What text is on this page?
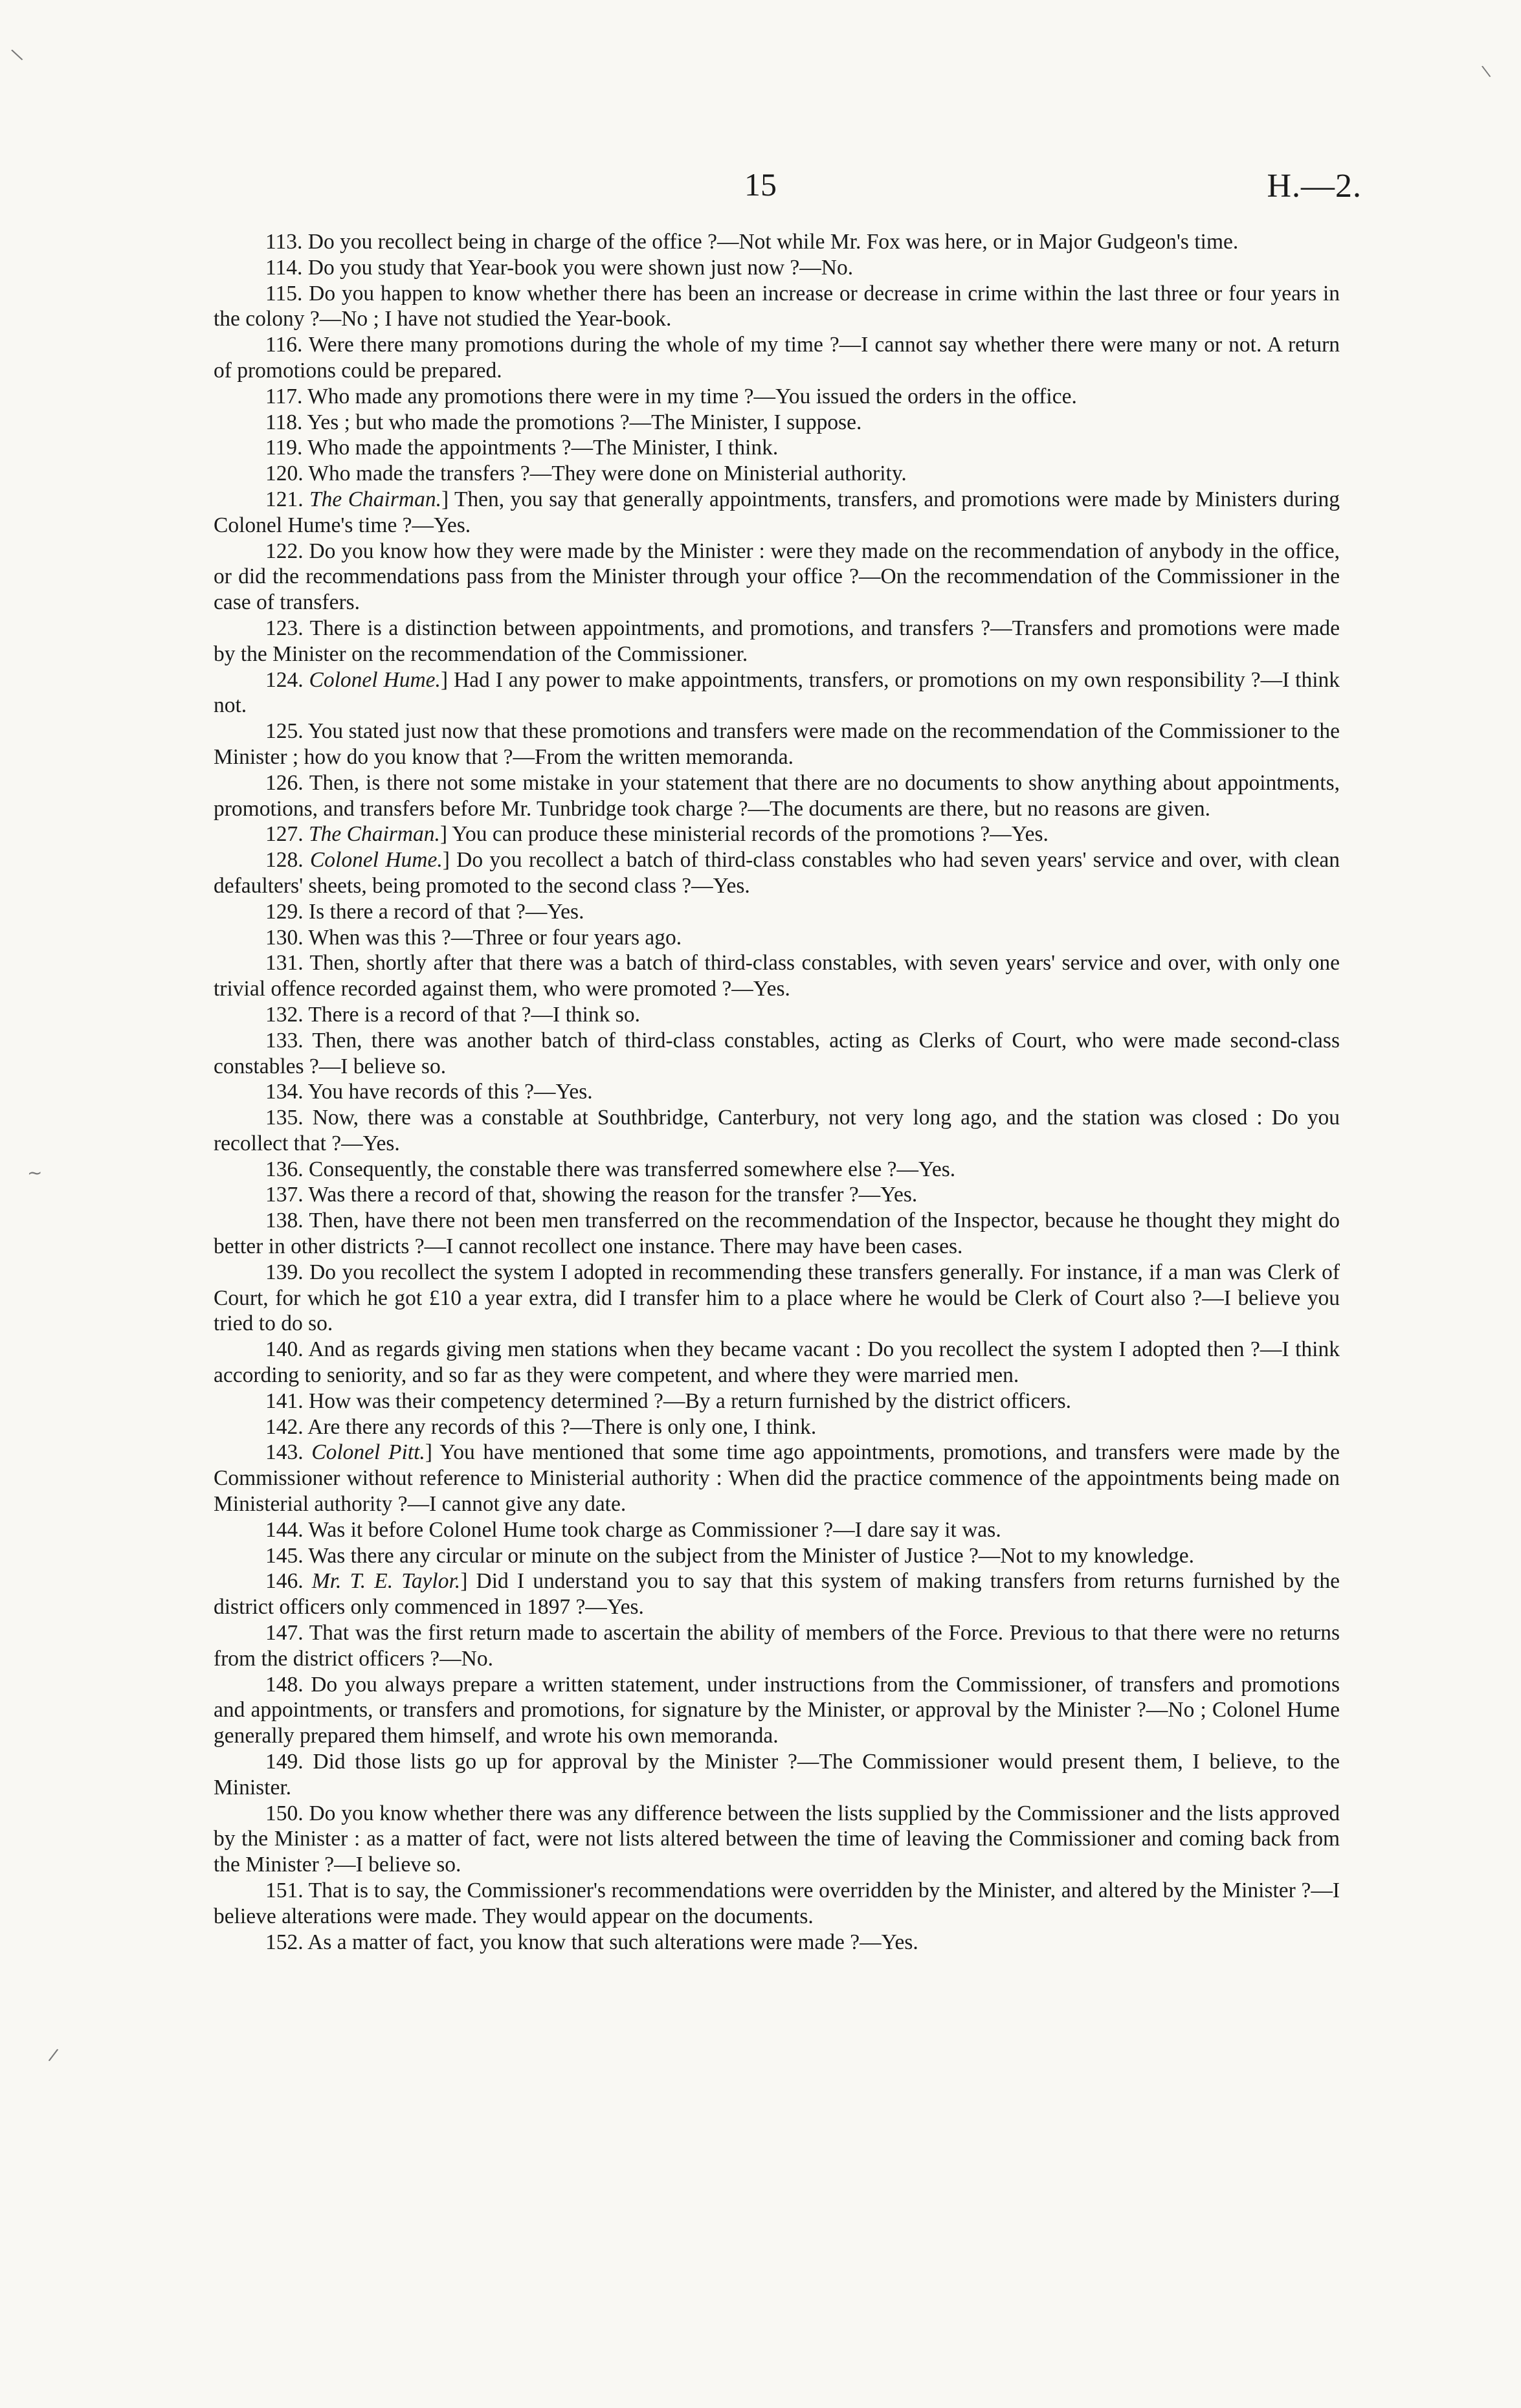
15	H.—2.
\
~
/
\

113. Do you recollect being in charge of the office ?—Not while Mr. Fox was here, or in Major Gudgeon's time.

114. Do you study that Year-book you were shown just now ?—No.

115. Do you happen to know whether there has been an increase or decrease in crime within the last three or four years in the colony ?—No ; I have not studied the Year-book.

116. Were there many promotions during the whole of my time ?—I cannot say whether there were many or not. A return of promotions could be prepared.

117. Who made any promotions there were in my time ?—You issued the orders in the office.

118. Yes ; but who made the promotions ?—The Minister, I suppose.

119. Who made the appointments ?—The Minister, I think.

120. Who made the transfers ?—They were done on Ministerial authority.

121. The Chairman.] Then, you say that generally appointments, transfers, and promotions were made by Ministers during Colonel Hume's time ?—Yes.

122. Do you know how they were made by the Minister : were they made on the recommendation of anybody in the office, or did the recommendations pass from the Minister through your office ?—On the recommendation of the Commissioner in the case of transfers.

123. There is a distinction between appointments, and promotions, and transfers ?—Transfers and promotions were made by the Minister on the recommendation of the Commissioner.

124. Colonel Hume.] Had I any power to make appointments, transfers, or promotions on my own responsibility ?—I think not.

125. You stated just now that these promotions and transfers were made on the recommendation of the Commissioner to the Minister ; how do you know that ?—From the written memoranda.

126. Then, is there not some mistake in your statement that there are no documents to show anything about appointments, promotions, and transfers before Mr. Tunbridge took charge ?—The documents are there, but no reasons are given.

127. The Chairman.] You can produce these ministerial records of the promotions ?—Yes.

128. Colonel Hume.] Do you recollect a batch of third-class constables who had seven years' service and over, with clean defaulters' sheets, being promoted to the second class ?—Yes.

129. Is there a record of that ?—Yes.

130. When was this ?—Three or four years ago.

131. Then, shortly after that there was a batch of third-class constables, with seven years' service and over, with only one trivial offence recorded against them, who were promoted ?—Yes.

132. There is a record of that ?—I think so.

133. Then, there was another batch of third-class constables, acting as Clerks of Court, who were made second-class constables ?—I believe so.

134. You have records of this ?—Yes.

135. Now, there was a constable at Southbridge, Canterbury, not very long ago, and the station was closed : Do you recollect that ?—Yes.

136. Consequently, the constable there was transferred somewhere else ?—Yes.

137. Was there a record of that, showing the reason for the transfer ?—Yes.

138. Then, have there not been men transferred on the recommendation of the Inspector, because he thought they might do better in other districts ?—I cannot recollect one instance. There may have been cases.

139. Do you recollect the system I adopted in recommending these transfers generally. For instance, if a man was Clerk of Court, for which he got £10 a year extra, did I transfer him to a place where he would be Clerk of Court also ?—I believe you tried to do so.

140. And as regards giving men stations when they became vacant : Do you recollect the system I adopted then ?—I think according to seniority, and so far as they were competent, and where they were married men.

141. How was their competency determined ?—By a return furnished by the district officers.

142. Are there any records of this ?—There is only one, I think.

143. Colonel Pitt.] You have mentioned that some time ago appointments, promotions, and transfers were made by the Commissioner without reference to Ministerial authority : When did the practice commence of the appointments being made on Ministerial authority ?—I cannot give any date.

144. Was it before Colonel Hume took charge as Commissioner ?—I dare say it was.

145. Was there any circular or minute on the subject from the Minister of Justice ?—Not to my knowledge.

146. Mr. T. E. Taylor.] Did I understand you to say that this system of making transfers from returns furnished by the district officers only commenced in 1897 ?—Yes.

147. That was the first return made to ascertain the ability of members of the Force. Previous to that there were no returns from the district officers ?—No.

148. Do you always prepare a written statement, under instructions from the Commissioner, of transfers and promotions and appointments, or transfers and promotions, for signature by the Minister, or approval by the Minister ?—No ; Colonel Hume generally prepared them himself, and wrote his own memoranda.

149. Did those lists go up for approval by the Minister ?—The Commissioner would present them, I believe, to the Minister.

150. Do you know whether there was any difference between the lists supplied by the Commissioner and the lists approved by the Minister : as a matter of fact, were not lists altered between the time of leaving the Commissioner and coming back from the Minister ?—I believe so.

151. That is to say, the Commissioner's recommendations were overridden by the Minister, and altered by the Minister ?—I believe alterations were made. They would appear on the documents.

152. As a matter of fact, you know that such alterations were made ?—Yes.
